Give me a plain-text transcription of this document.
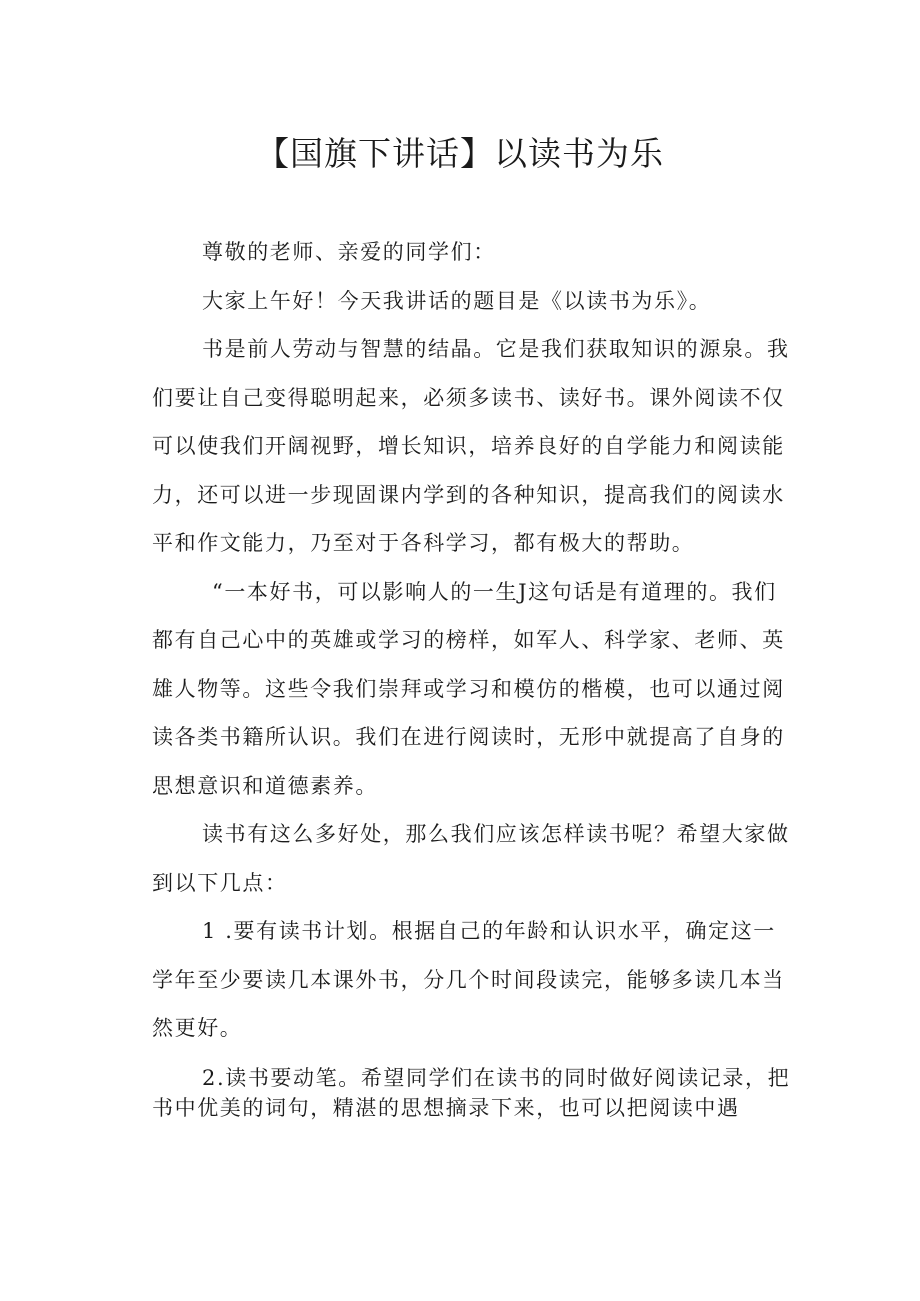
【国旗下讲话】以读书为乐

尊敬的老师、亲爱的同学们：

大家上午好！今天我讲话的题目是《以读书为乐》。

书是前人劳动与智慧的结晶。它是我们获取知识的源泉。我们要让自己变得聪明起来，必须多读书、读好书。课外阅读不仅可以使我们开阔视野，增长知识，培养良好的自学能力和阅读能力，还可以进一步现固课内学到的各种知识，提高我们的阅读水平和作文能力，乃至对于各科学习，都有极大的帮助。

“一本好书，可以影响人的一生J这句话是有道理的。我们都有自己心中的英雄或学习的榜样，如军人、科学家、老师、英雄人物等。这些令我们崇拜或学习和模仿的楷模，也可以通过阅读各类书籍所认识。我们在进行阅读时，无形中就提高了自身的思想意识和道德素养。

读书有这么多好处，那么我们应该怎样读书呢？希望大家做到以下几点：

1 .要有读书计划。根据自己的年龄和认识水平，确定这一学年至少要读几本课外书，分几个时间段读完，能够多读几本当然更好。

2.读书要动笔。希望同学们在读书的同时做好阅读记录，把书中优美的词句，精湛的思想摘录下来，也可以把阅读中遇
